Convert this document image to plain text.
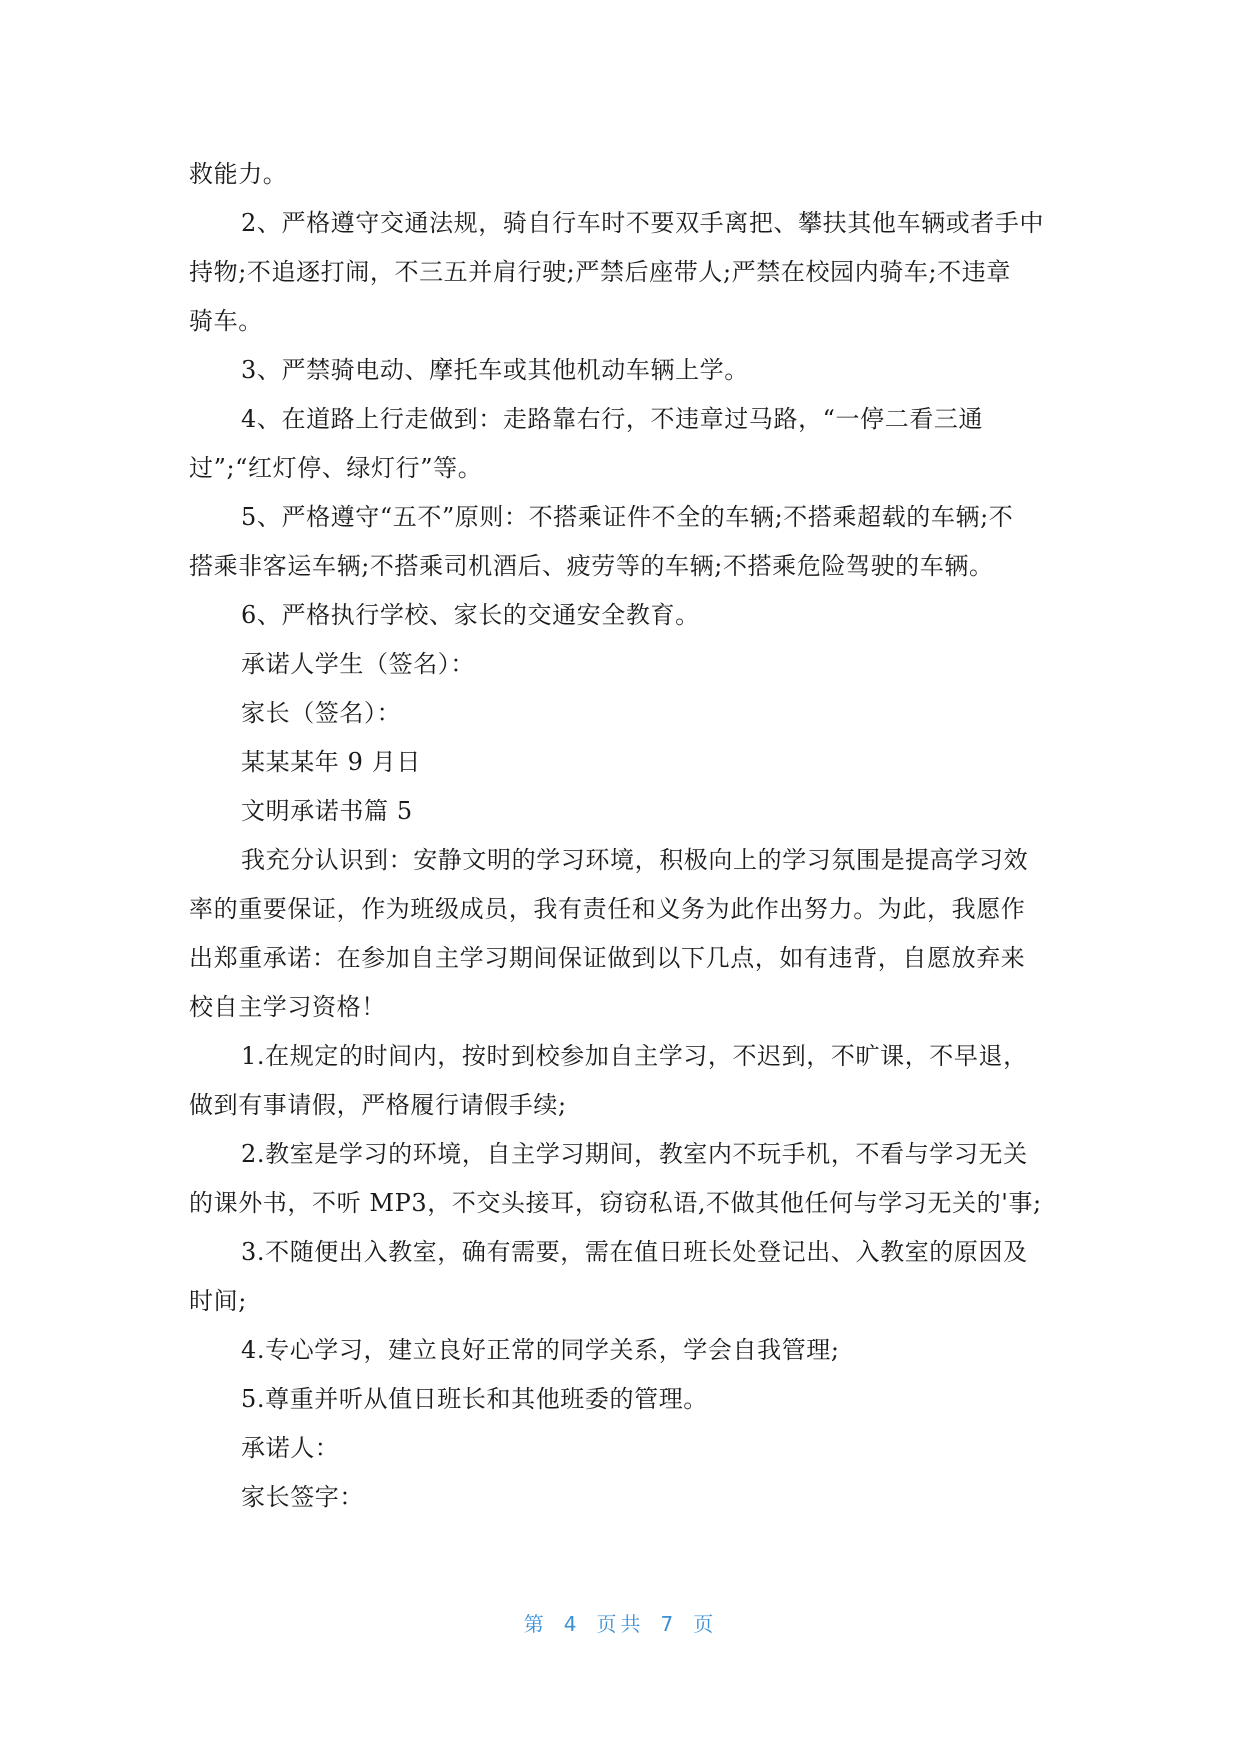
救能力。
2、严格遵守交通法规，骑自行车时不要双手离把、攀扶其他车辆或者手中
持物;不追逐打闹，不三五并肩行驶;严禁后座带人;严禁在校园内骑车;不违章
骑车。
3、严禁骑电动、摩托车或其他机动车辆上学。
4、在道路上行走做到：走路靠右行，不违章过马路，“一停二看三通
过”;“红灯停、绿灯行”等。
5、严格遵守“五不”原则：不搭乘证件不全的车辆;不搭乘超载的车辆;不
搭乘非客运车辆;不搭乘司机酒后、疲劳等的车辆;不搭乘危险驾驶的车辆。
6、严格执行学校、家长的交通安全教育。
承诺人学生（签名）：
家长（签名）：
某某某年 9 月日
文明承诺书篇 5
我充分认识到：安静文明的学习环境，积极向上的学习氛围是提高学习效
率的重要保证，作为班级成员，我有责任和义务为此作出努力。为此，我愿作
出郑重承诺：在参加自主学习期间保证做到以下几点，如有违背，自愿放弃来
校自主学习资格！
1.在规定的时间内，按时到校参加自主学习，不迟到，不旷课，不早退，
做到有事请假，严格履行请假手续;
2.教室是学习的环境，自主学习期间，教室内不玩手机，不看与学习无关
的课外书，不听 MP3，不交头接耳，窃窃私语,不做其他任何与学习无关的'事;
3.不随便出入教室，确有需要，需在值日班长处登记出、入教室的原因及
时间;
4.专心学习，建立良好正常的同学关系，学会自我管理;
5.尊重并听从值日班长和其他班委的管理。
承诺人：
家长签字：
第 4 页共 7 页
